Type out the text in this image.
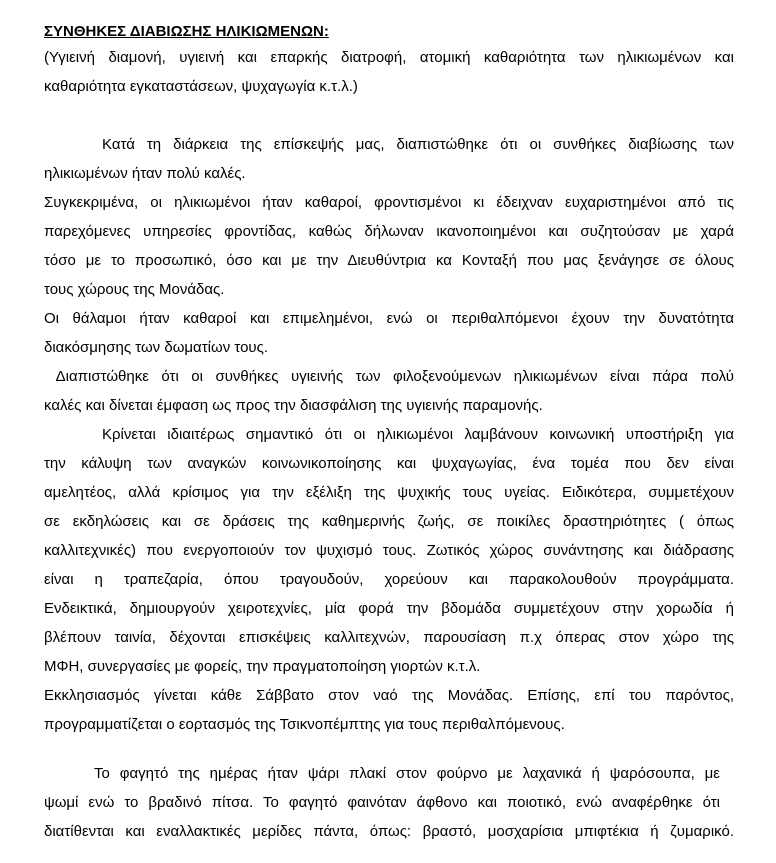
ΣΥΝΘΗΚΕΣ ΔΙΑΒΙΩΣΗΣ ΗΛΙΚΙΩΜΕΝΩΝ:

(Υγιεινή διαμονή, υγιεινή και επαρκής διατροφή, ατομική καθαριότητα των ηλικιωμένων και
καθαριότητα εγκαταστάσεων, ψυχαγωγία κ.τ.λ.)
Κατά τη διάρκεια της επίσκεψής μας, διαπιστώθηκε ότι οι συνθήκες διαβίωσης των
ηλικιωμένων ήταν πολύ καλές.
Συγκεκριμένα, οι ηλικιωμένοι ήταν καθαροί, φροντισμένοι κι έδειχναν ευχαριστημένοι από τις
παρεχόμενες υπηρεσίες φροντίδας, καθώς δήλωναν ικανοποιημένοι και συζητούσαν με χαρά
τόσο με το προσωπικό, όσο και με την Διευθύντρια κα Κονταξή που μας ξενάγησε σε όλους
τους χώρους της Μονάδας.
Οι θάλαμοι ήταν καθαροί και επιμελημένοι, ενώ οι περιθαλπόμενοι έχουν την δυνατότητα
διακόσμησης των δωματίων τους.
Διαπιστώθηκε ότι οι συνθήκες υγιεινής των φιλοξενούμενων ηλικιωμένων είναι πάρα πολύ
καλές και δίνεται έμφαση ως προς την διασφάλιση της υγιεινής παραμονής.
Κρίνεται ιδιαιτέρως σημαντικό ότι οι ηλικιωμένοι λαμβάνουν κοινωνική υποστήριξη για
την κάλυψη των αναγκών κοινωνικοποίησης και ψυχαγωγίας, ένα τομέα που δεν είναι
αμελητέος, αλλά κρίσιμος για την εξέλιξη της ψυχικής τους υγείας. Ειδικότερα, συμμετέχουν
σε εκδηλώσεις και σε δράσεις της καθημερινής ζωής, σε ποικίλες δραστηριότητες ( όπως
καλλιτεχνικές) που ενεργοποιούν τον ψυχισμό τους. Ζωτικός χώρος συνάντησης και διάδρασης
είναι η τραπεζαρία, όπου τραγουδούν, χορεύουν και παρακολουθούν προγράμματα.
Ενδεικτικά, δημιουργούν χειροτεχνίες, μία φορά την βδομάδα συμμετέχουν στην χορωδία ή
βλέπουν ταινία, δέχονται επισκέψεις καλλιτεχνών, παρουσίαση π.χ όπερας στον χώρο της
ΜΦΗ, συνεργασίες με φορείς, την πραγματοποίηση γιορτών κ.τ.λ.
Εκκλησιασμός γίνεται κάθε Σάββατο στον ναό της Μονάδας. Επίσης, επί του παρόντος,
προγραμματίζεται ο εορτασμός της Τσικνοπέμπτης για τους περιθαλπόμενους.
Το φαγητό της ημέρας ήταν ψάρι πλακί στον φούρνο με λαχανικά ή ψαρόσουπα, με
ψωμί ενώ το βραδινό πίτσα. Το φαγητό φαινόταν άφθονο και ποιοτικό, ενώ αναφέρθηκε ότι
διατίθενται και εναλλακτικές μερίδες πάντα, όπως: βραστό, μοσχαρίσια μπιφτέκια ή ζυμαρικό.
